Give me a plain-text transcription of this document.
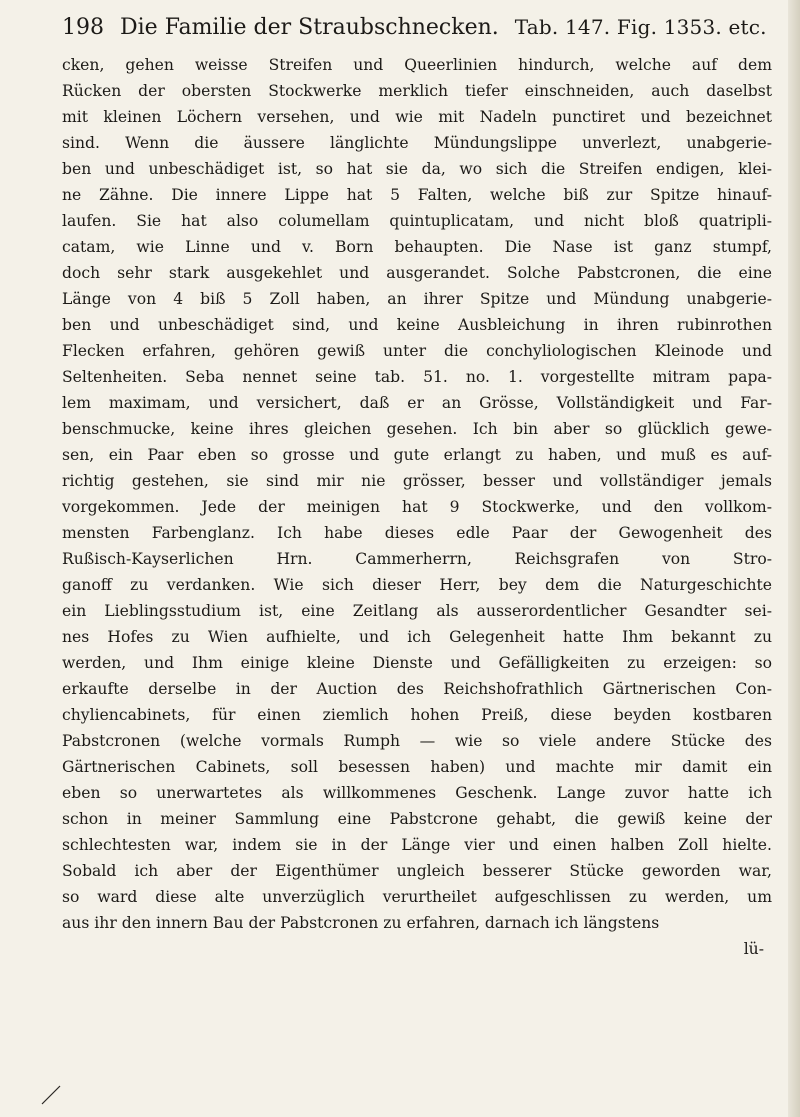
198 Die Familie der Straubschnecken. Tab. 147. Fig. 1353. etc.
cken, gehen weisse Streifen und Queerlinien hindurch, welche auf dem
Rücken der obersten Stockwerke merklich tiefer einschneiden, auch daselbst
mit kleinen Löchern versehen, und wie mit Nadeln punctiret und bezeichnet
sind. Wenn die äussere länglichte Mündungslippe unverlezt, unabgerie-
ben und unbeschädiget ist, so hat sie da, wo sich die Streifen endigen, klei-
ne Zähne. Die innere Lippe hat 5 Falten, welche biß zur Spitze hinauf-
laufen. Sie hat also columellam quintuplicatam, und nicht bloß quatripli-
catam, wie Linne und v. Born behaupten. Die Nase ist ganz stumpf,
doch sehr stark ausgekehlet und ausgerandet. Solche Pabstcronen, die eine
Länge von 4 biß 5 Zoll haben, an ihrer Spitze und Mündung unabgerie-
ben und unbeschädiget sind, und keine Ausbleichung in ihren rubinrothen
Flecken erfahren, gehören gewiß unter die conchyliologischen Kleinode und
Seltenheiten. Seba nennet seine tab. 51. no. 1. vorgestellte mitram papa-
lem maximam, und versichert, daß er an Grösse, Vollständigkeit und Far-
benschmucke, keine ihres gleichen gesehen. Ich bin aber so glücklich gewe-
sen, ein Paar eben so grosse und gute erlangt zu haben, und muß es auf-
richtig gestehen, sie sind mir nie grösser, besser und vollständiger jemals
vorgekommen. Jede der meinigen hat 9 Stockwerke, und den vollkom-
mensten Farbenglanz. Ich habe dieses edle Paar der Gewogenheit des
Rußisch-Kayserlichen Hrn. Cammerherrn, Reichsgrafen von Stro-
ganoff zu verdanken. Wie sich dieser Herr, bey dem die Naturgeschichte
ein Lieblingsstudium ist, eine Zeitlang als ausserordentlicher Gesandter sei-
nes Hofes zu Wien aufhielte, und ich Gelegenheit hatte Ihm bekannt zu
werden, und Ihm einige kleine Dienste und Gefälligkeiten zu erzeigen: so
erkaufte derselbe in der Auction des Reichshofrathlich Gärtnerischen Con-
chyliencabinets, für einen ziemlich hohen Preiß, diese beyden kostbaren
Pabstcronen (welche vormals Rumph — wie so viele andere Stücke des
Gärtnerischen Cabinets, soll besessen haben) und machte mir damit ein
eben so unerwartetes als willkommenes Geschenk. Lange zuvor hatte ich
schon in meiner Sammlung eine Pabstcrone gehabt, die gewiß keine der
schlechtesten war, indem sie in der Länge vier und einen halben Zoll hielte.
Sobald ich aber der Eigenthümer ungleich besserer Stücke geworden war,
so ward diese alte unverzüglich verurtheilet aufgeschlissen zu werden, um
aus ihr den innern Bau der Pabstcronen zu erfahren, darnach ich längstens
lü-
